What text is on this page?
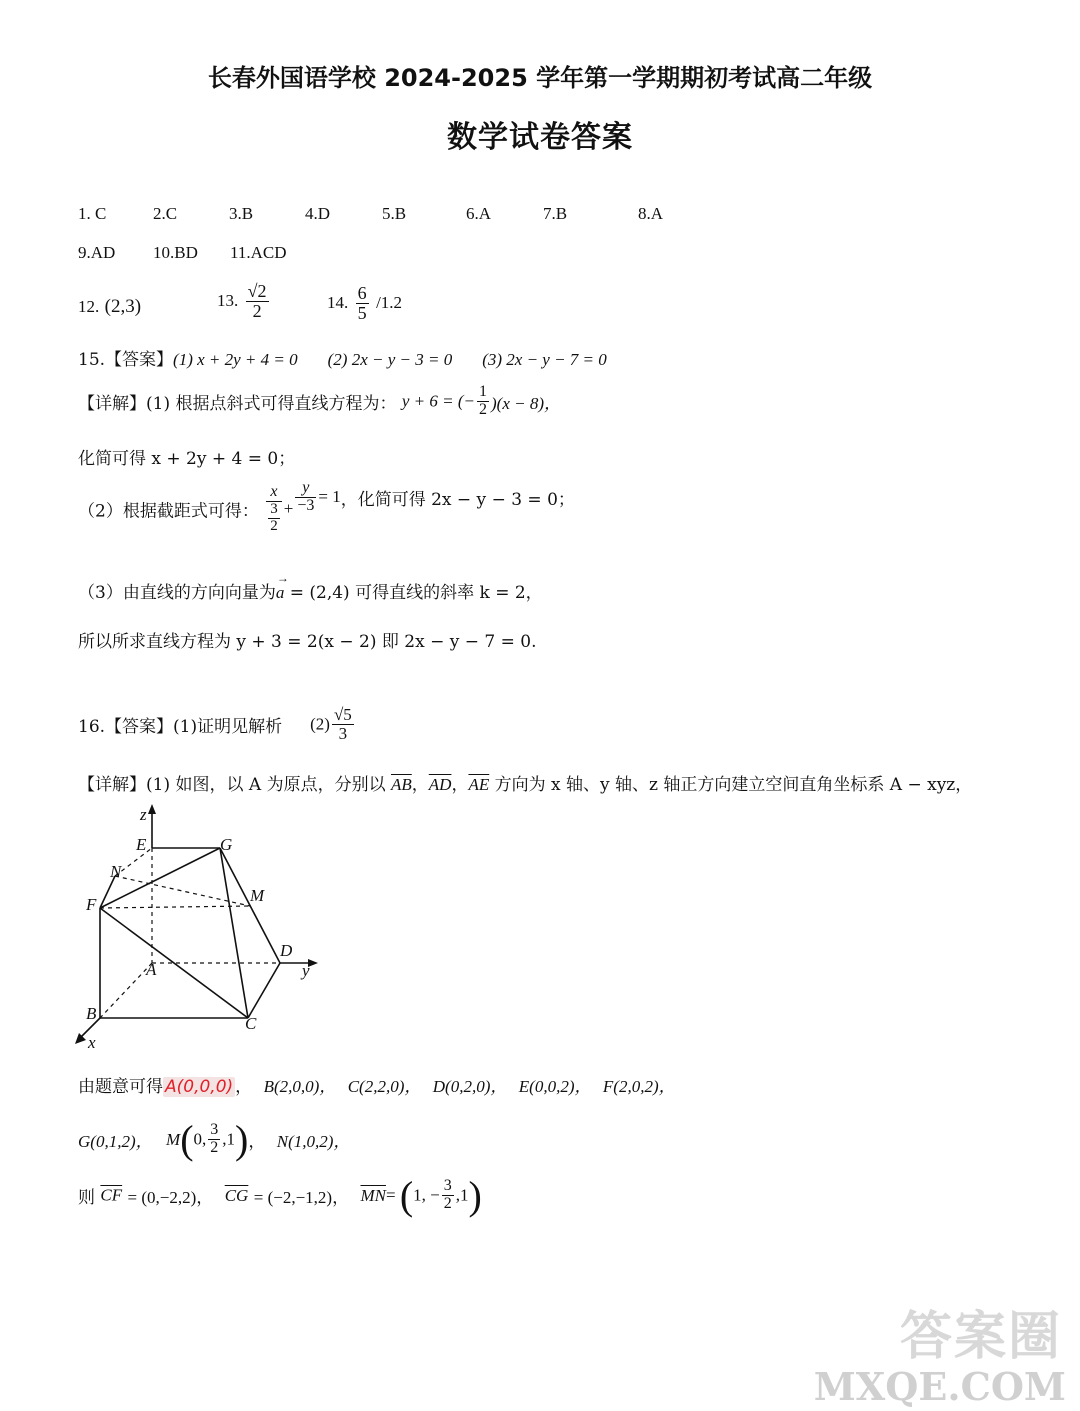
长春外国语学校 2024-2025 学年第一学期期初考试高二年级
数学试卷答案
1. C	2.C	3.B	4.D	5.B	6.A	7.B	8.A
9.AD 10.BD 11.ACD
12. (2,3)	13. $\frac{√2}{2}$	14. $\frac{6}{5} /1.2$
15.【答案】(1) x + 2y + 4 = 0 (2) 2x − y − 3 = 0 (3) 2x − y − 7 = 0
【详解】(1) 根据点斜式可得直线方程为： y + 6 = (− $\frac{1}{2} )(x - 8)$，
化简可得 x + 2y + 4 = 0；
（2）根据截距式可得： $\frac{x}{\frac{3}{2}} + \frac{y}{-3} = 1$，化简可得 2x − y − 3 = 0；
（3）由直线的方向向量为
→
a = (2,4) 可得直线的斜率 k = 2，
所以所求直线方程为 y + 3 = 2(x − 2) 即 2x − y − 7 = 0.
16.【答案】(1)证明见解析 $(2) \frac{√5}{3}$
【详解】(1) 如图，以 A 为原点，分别以 $\overline{AB}$，$\overline{AD}$，$\overline{AE}$ 方向为 x 轴、y 轴、z 轴正方向建立空间直角坐标系 A − xyz，
z
E	G
N
M
F
D
y
A
B
C
x
由题意可得 A(0,0,0) ， B(2,0,0)， C(2,2,0)， D(0,2,0)， E(0,0,2)， F(2,0,2)，
G(0,1,2)， M(0, $\frac{3}{2} ,1$)， N(1,0,2)，
则 $\overline{CF} = (0,-2,2)$， $\overline{CG} = (-2,-1,2)$， $\overline{MN}= (1$, − $\frac{3}{2} ,1$)
答案圈
MXQE.COM
